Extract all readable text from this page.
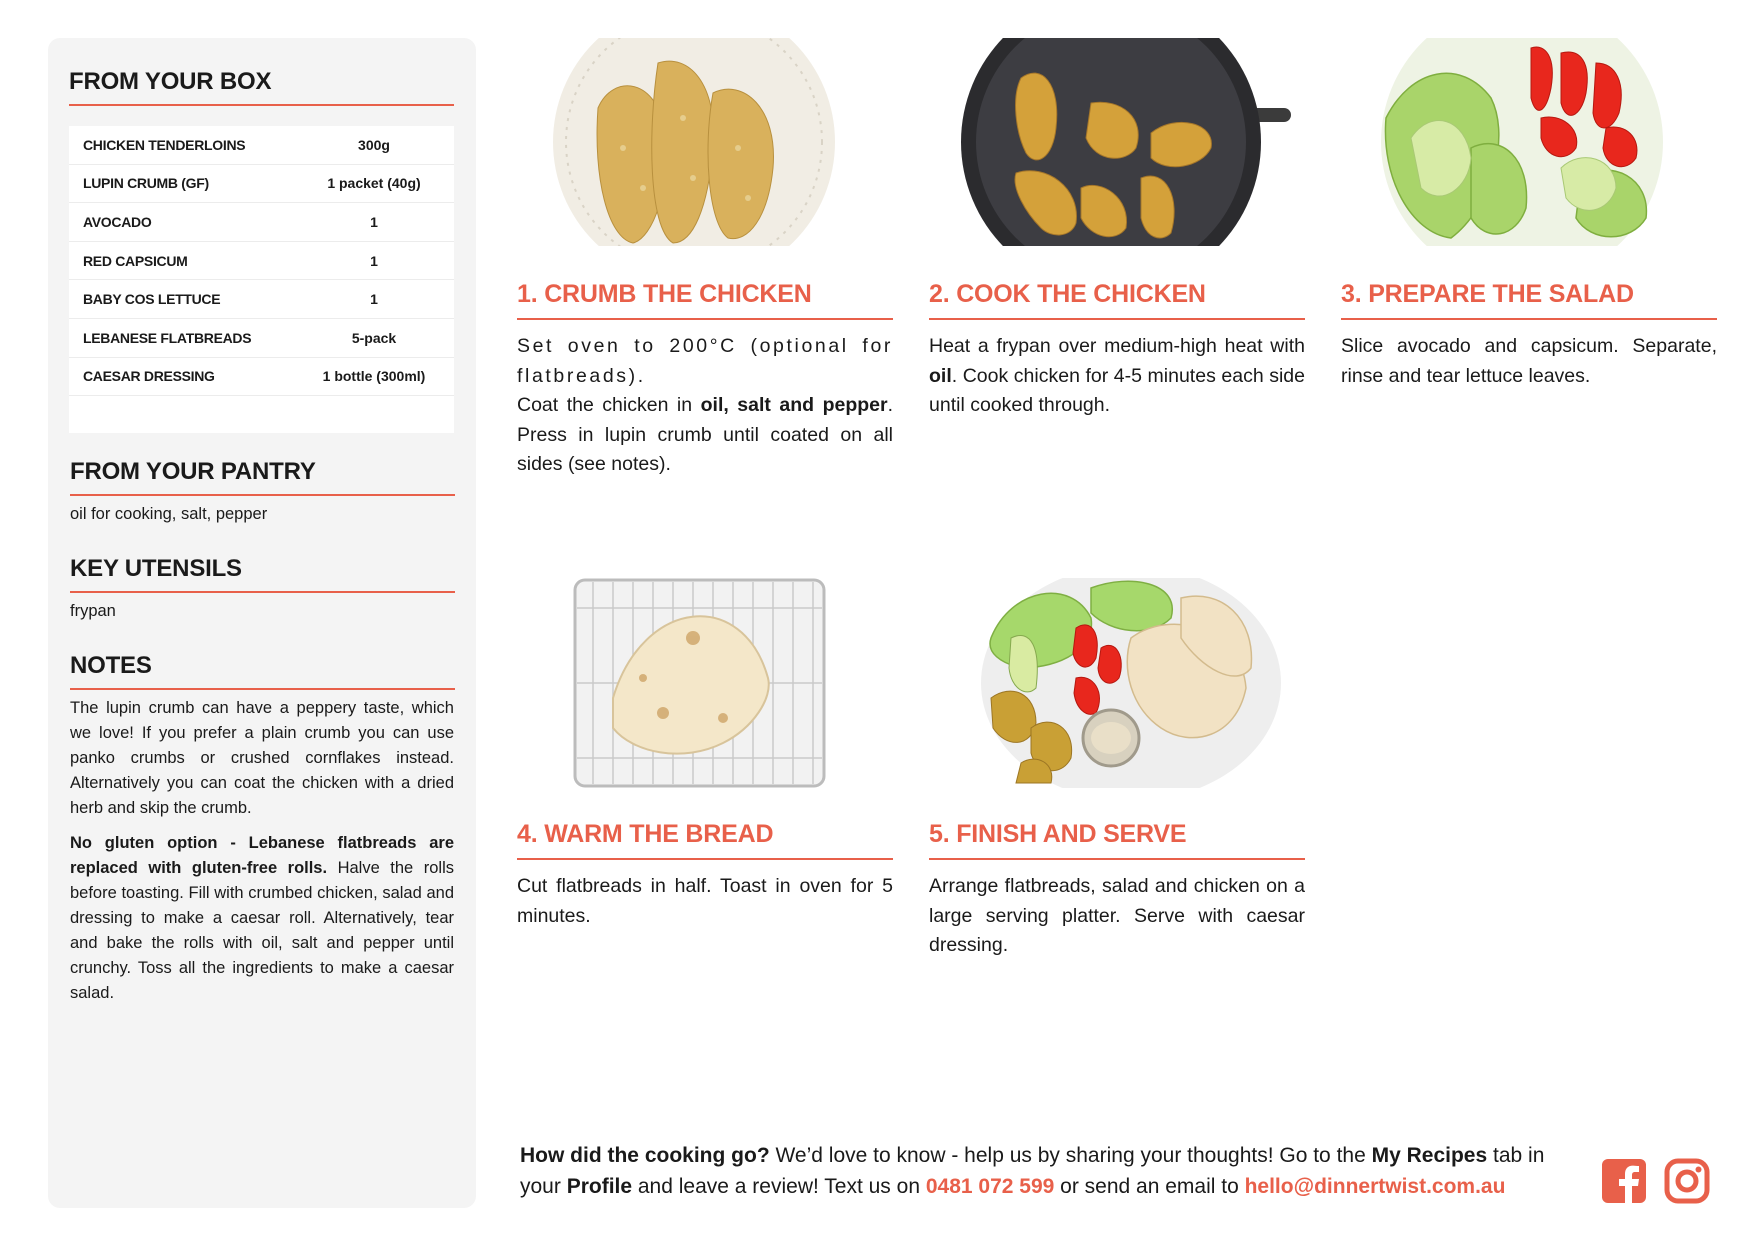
FROM YOUR BOX
CHICKEN TENDERLOINS	300g
LUPIN CRUMB (GF)	1 packet (40g)
AVOCADO	1
RED CAPSICUM	1
BABY COS LETTUCE	1
LEBANESE FLATBREADS	5-pack
CAESAR DRESSING	1 bottle (300ml)
FROM YOUR PANTRY
oil for cooking, salt, pepper
KEY UTENSILS
frypan
NOTES

The lupin crumb can have a peppery taste, which we love! If you prefer a plain crumb you can use panko crumbs or crushed cornflakes instead. Alternatively you can coat the chicken with a dried herb and skip the crumb.

No gluten option - Lebanese flatbreads are replaced with gluten-free rolls. Halve the rolls before toasting. Fill with crumbed chicken, salad and dressing to make a caesar roll. Alternatively, tear and bake the rolls with oil, salt and pepper until crunchy. Toss all the ingredients to make a caesar salad.

1. CRUMB THE CHICKEN
Set oven to 200°C (optional for flatbreads).
Coat the chicken in oil, salt and pepper. Press in lupin crumb until coated on all sides (see notes).
2. COOK THE CHICKEN
Heat a frypan over medium-high heat with oil. Cook chicken for 4-5 minutes each side until cooked through.
3. PREPARE THE SALAD
Slice avocado and capsicum. Separate, rinse and tear lettuce leaves.
4. WARM THE BREAD
Cut flatbreads in half. Toast in oven for 5 minutes.
5. FINISH AND SERVE
Arrange flatbreads, salad and chicken on a large serving platter. Serve with caesar dressing.
How did the cooking go? We’d love to know - help us by sharing your thoughts! Go to the My Recipes tab in your Profile and leave a review! Text us on 0481 072 599 or send an email to hello@dinnertwist.com.au
